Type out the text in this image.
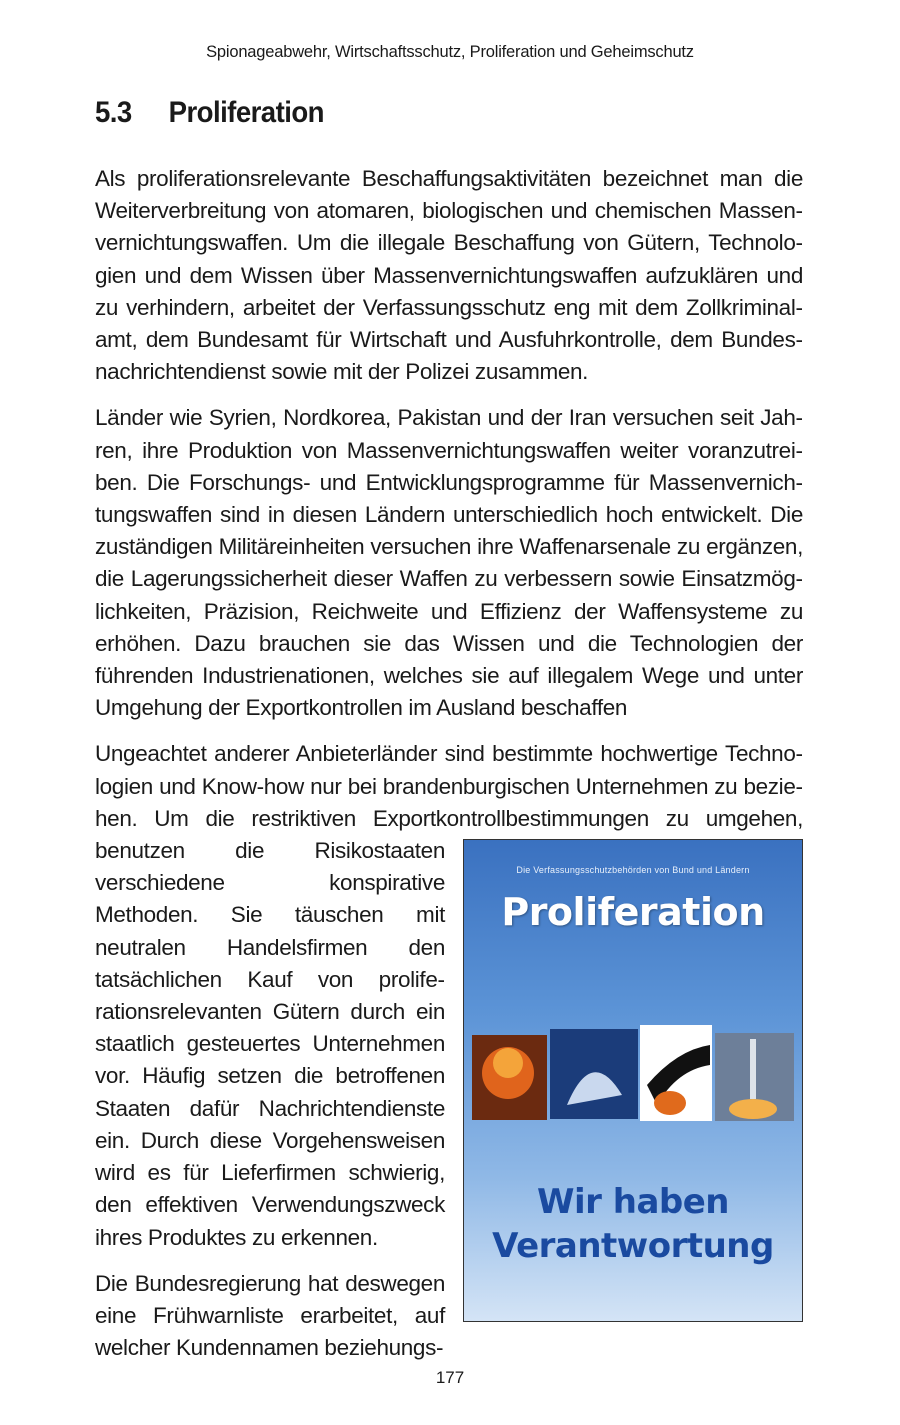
Spionageabwehr, Wirtschaftsschutz, Proliferation und Geheimschutz
5.3 Proliferation

Als proliferationsrelevante Beschaffungsaktivitäten bezeichnet man die Weiterverbreitung von atomaren, biologischen und chemischen Massenvernichtungswaffen. Um die illegale Beschaffung von Gütern, Technologien und dem Wissen über Massenvernichtungswaffen aufzuklären und zu verhindern, arbeitet der Verfassungsschutz eng mit dem Zollkriminalamt, dem Bundesamt für Wirtschaft und Ausfuhrkontrolle, dem Bundesnachrichtendienst sowie mit der Polizei zusammen.

Länder wie Syrien, Nordkorea, Pakistan und der Iran versuchen seit Jahren, ihre Produktion von Massenvernichtungswaffen weiter voranzutreiben. Die Forschungs- und Entwicklungsprogramme für Massenvernichtungswaffen sind in diesen Ländern unterschiedlich hoch entwickelt. Die zuständigen Militäreinheiten versuchen ihre Waffenarsenale zu ergänzen, die Lagerungssicherheit dieser Waffen zu verbessern sowie Einsatzmöglichkeiten, Präzision, Reichweite und Effizienz der Waffensysteme zu erhöhen. Dazu brauchen sie das Wissen und die Technologien der führenden Industrienationen, welches sie auf illegalem Wege und unter Umgehung der Exportkontrollen im Ausland beschaffen

Ungeachtet anderer Anbieterländer sind bestimmte hochwertige Technologien und Know-how nur bei brandenburgischen Unternehmen zu beziehen. Um die restriktiven Exportkontrollbestimmungen zu umgehen, benut
Die Verfassungsschutzbehörden von Bund und Ländern
Proliferation
Wir haben
Verantwortung
zen die Risikostaaten verschiedene konspirative Methoden. Sie täuschen mit neutralen Handelsfirmen den tatsächlichen Kauf von proliferationsrelevanten Gütern durch ein staatlich gesteuertes Unternehmen vor. Häufig setzen die betroffenen Staaten dafür Nachrichtendienste ein. Durch diese Vorgehensweisen wird es für Lieferfirmen schwierig, den effektiven Verwendungszweck ihres Produktes zu erkennen.

Die Bundesregierung hat deswegen eine Frühwarnliste erarbeitet, auf welcher Kundennamen beziehungs-

177
